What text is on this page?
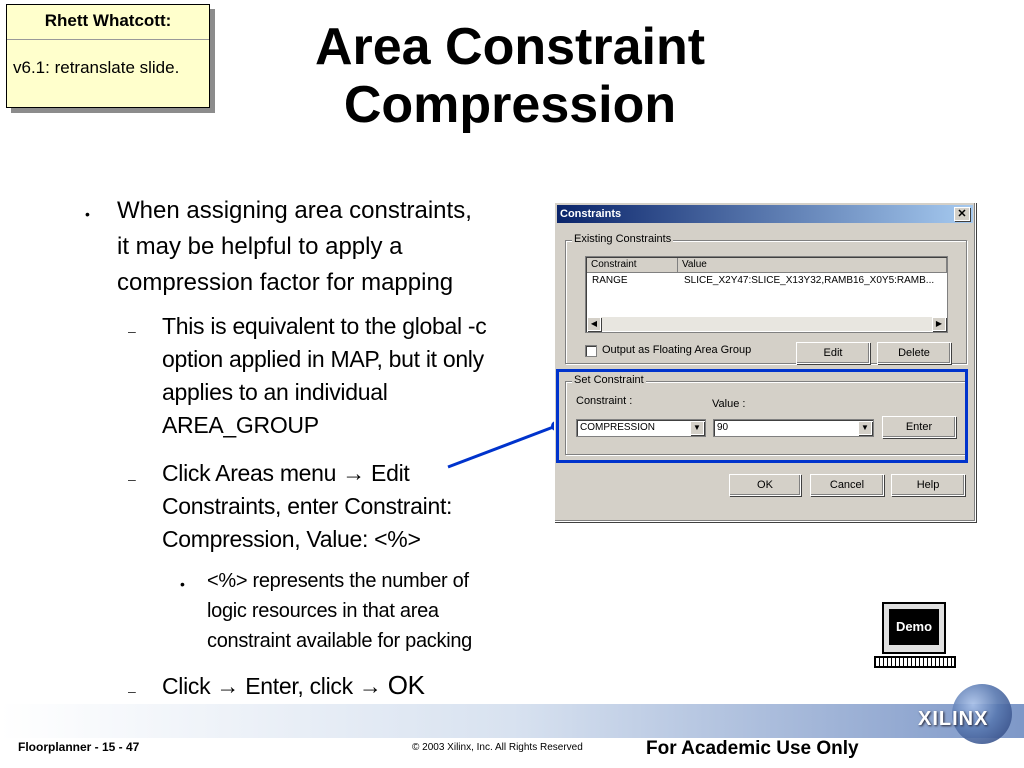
Rhett Whatcott:
v6.1: retranslate slide.	Area Constraint
Compression
• When assigning area constraints,
it may be helpful to apply a
compression factor for mapping
– This is equivalent to the global -c
option applied in MAP, but it only
applies to an individual
AREA_GROUP
– Click Areas menu → Edit
Constraints, enter Constraint:
Compression, Value: <%>
• <%> represents the number of
logic resources in that area
constraint available for packing
– Click → Enter, click → OK
Constraints	✕
Existing Constraints
Constraint	Value
RANGE	SLICE_X2Y47:SLICE_X13Y32,RAMB16_X0Y5:RAMB...
◀	▶
Output as Floating Area Group	Edit	Delete
Set Constraint
Constraint :	Value :
COMPRESSION	▼	90	▼	Enter
OK	Cancel	Help
Demo
XILINX
Floorplanner - 15 - 47	© 2003 Xilinx, Inc. All Rights Reserved	For Academic Use Only
